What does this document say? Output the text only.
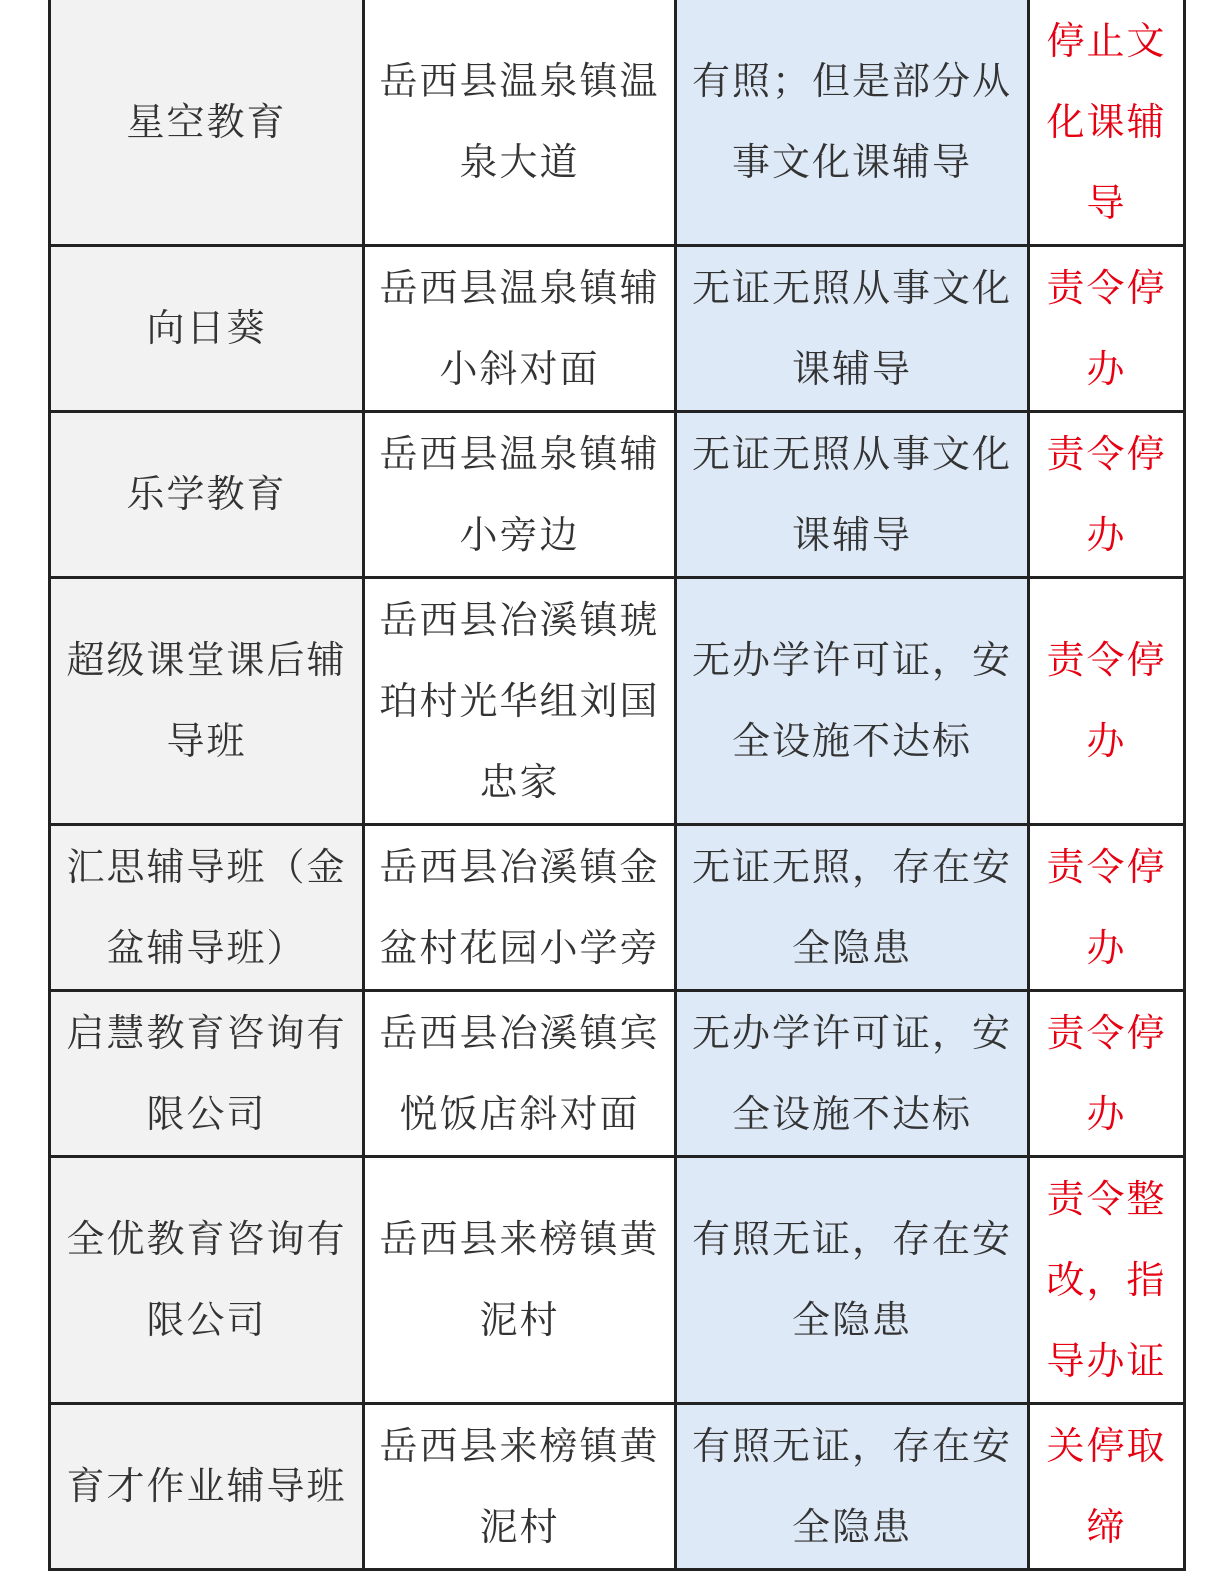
星空教育	岳西县温泉镇温泉大道	有照；但是部分从事文化课辅导	停止文化课辅导
向日葵	岳西县温泉镇辅小斜对面	无证无照从事文化课辅导	责令停办
乐学教育	岳西县温泉镇辅小旁边	无证无照从事文化课辅导	责令停办
超级课堂课后辅导班	岳西县冶溪镇琥珀村光华组刘国忠家	无办学许可证，安全设施不达标	责令停办
汇思辅导班（金盆辅导班）	岳西县冶溪镇金盆村花园小学旁	无证无照，存在安全隐患	责令停办
启慧教育咨询有限公司	岳西县冶溪镇宾悦饭店斜对面	无办学许可证，安全设施不达标	责令停办
全优教育咨询有限公司	岳西县来榜镇黄泥村	有照无证，存在安全隐患	责令整改，指导办证
育才作业辅导班	岳西县来榜镇黄泥村	有照无证，存在安全隐患	关停取缔
